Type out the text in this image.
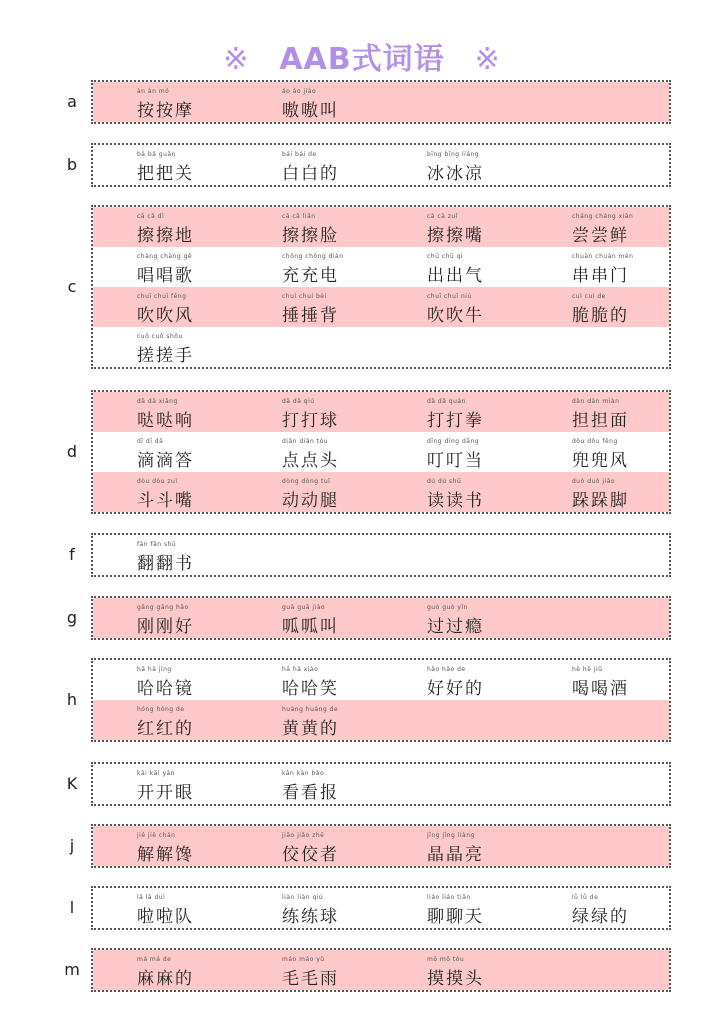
※ AAB式词语 ※
a
àn àn mó
按按摩
áo áo jiào
嗷嗷叫
b
bǎ bǎ guān
把把关
bái bái de
白白的
bīng bīng liáng
冰冰凉
c
cā cā dì
擦擦地
cā cā liǎn
擦擦脸
cā cā zuǐ
擦擦嘴
cháng cháng xiān
尝尝鲜
chàng chàng gē
唱唱歌
chōng chōng diàn
充充电
chū chū qì
出出气
chuàn chuàn mén
串串门
chuī chuī fēng
吹吹风
chuí chuí bèi
捶捶背
chuī chuī niú
吹吹牛
cuì cuì de
脆脆的
cuō cuō shǒu
搓搓手
d
dā dā xiǎng
哒哒响
dǎ dǎ qiú
打打球
dǎ dǎ quán
打打拳
dàn dàn miàn
担担面
dī dī dā
滴滴答
diǎn diǎn tóu
点点头
dīng dīng dāng
叮叮当
dōu dōu fēng
兜兜风
dòu dòu zuǐ
斗斗嘴
dòng dòng tuǐ
动动腿
dú dú shū
读读书
duò duò jiǎo
跺跺脚
f
fān fān shū
翻翻书
g
gāng gāng hǎo
刚刚好
guā guā jiào
呱呱叫
guò guò yǐn
过过瘾
h
hā hā jìng
哈哈镜
hā hā xiào
哈哈笑
hǎo hǎo de
好好的
hē hē jiǔ
喝喝酒
hóng hóng de
红红的
huáng huáng de
黄黄的
K
kāi kāi yǎn
开开眼
kàn kàn bào
看看报
j
jiě jiě chán
解解馋
jiǎo jiǎo zhě
佼佼者
jīng jīng liàng
晶晶亮
l
lā lā duì
啦啦队
liàn liàn qiú
练练球
liáo liáo tiān
聊聊天
lǜ lǜ de
绿绿的
m
má má de
麻麻的
máo máo yǔ
毛毛雨
mō mō tóu
摸摸头
